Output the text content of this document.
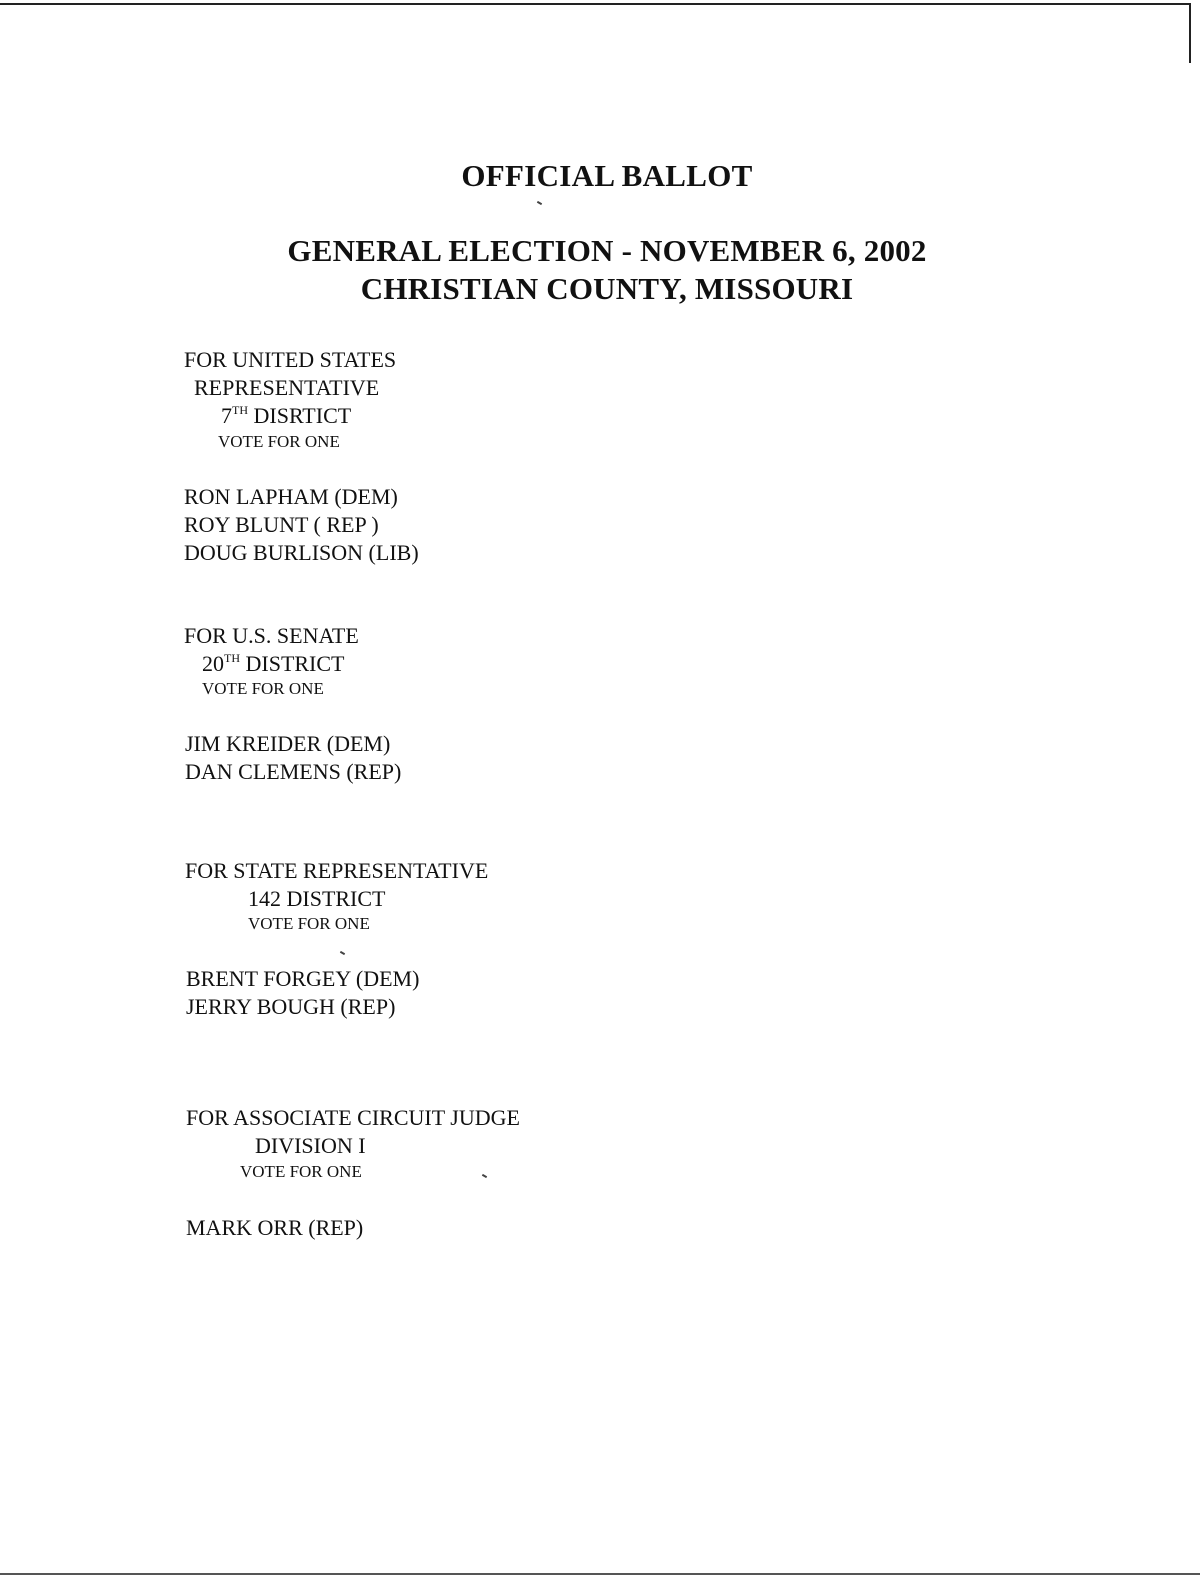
OFFICIAL BALLOT
GENERAL ELECTION - NOVEMBER 6, 2002
CHRISTIAN COUNTY, MISSOURI
FOR UNITED STATES
REPRESENTATIVE
7TH DISRTICT
VOTE FOR ONE
RON LAPHAM (DEM)
ROY BLUNT ( REP )
DOUG BURLISON (LIB)
FOR U.S. SENATE
20TH DISTRICT
VOTE FOR ONE
JIM KREIDER (DEM)
DAN CLEMENS (REP)
FOR STATE REPRESENTATIVE
142 DISTRICT
VOTE FOR ONE
BRENT FORGEY (DEM)
JERRY BOUGH (REP)
FOR ASSOCIATE CIRCUIT JUDGE
DIVISION I
VOTE FOR ONE
MARK ORR (REP)
